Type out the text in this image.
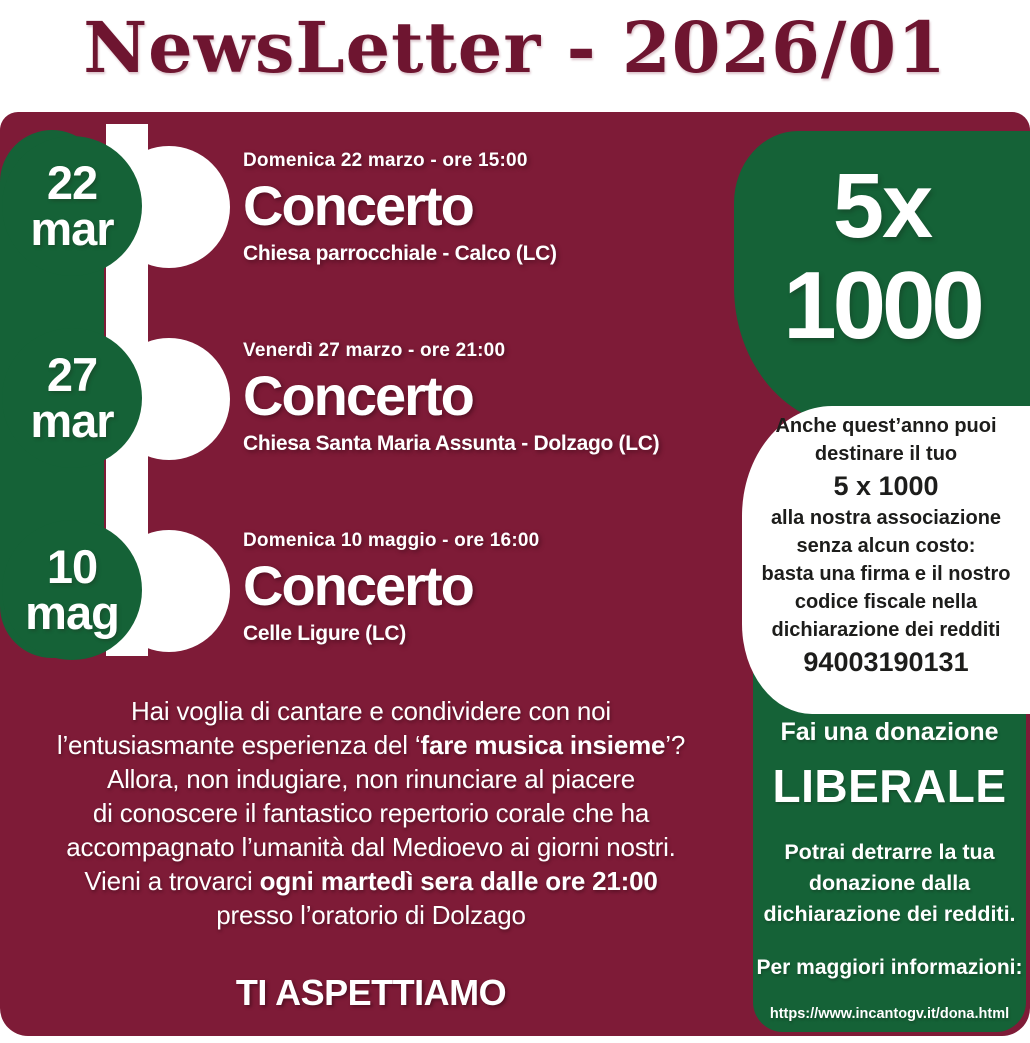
NewsLetter - 2026/01
22
mar
27
mar
10
mag
Domenica 22 marzo - ore 15:00
Concerto
Chiesa parrocchiale - Calco (LC)
Venerdì 27 marzo - ore 21:00
Concerto
Chiesa Santa Maria Assunta - Dolzago (LC)
Domenica 10 maggio - ore 16:00
Concerto
Celle Ligure (LC)
Hai voglia di cantare e condividere con noi
l’entusiasmante esperienza del ‘fare musica insieme’?
Allora, non indugiare, non rinunciare al piacere
di conoscere il fantastico repertorio corale che ha
accompagnato l’umanità dal Medioevo ai giorni nostri.
Vieni a trovarci ogni martedì sera dalle ore 21:00
presso l’oratorio di Dolzago
TI ASPETTIAMO
5x
1000
Anche quest’anno puoi
destinare il tuo
5 x 1000
alla nostra associazione
senza alcun costo:
basta una firma e il nostro
codice fiscale nella
dichiarazione dei redditi
94003190131
Fai una donazione
LIBERALE
Potrai detrarre la tua
donazione dalla
dichiarazione dei redditi.
Per maggiori informazioni:
https://www.incantogv.it/dona.html
